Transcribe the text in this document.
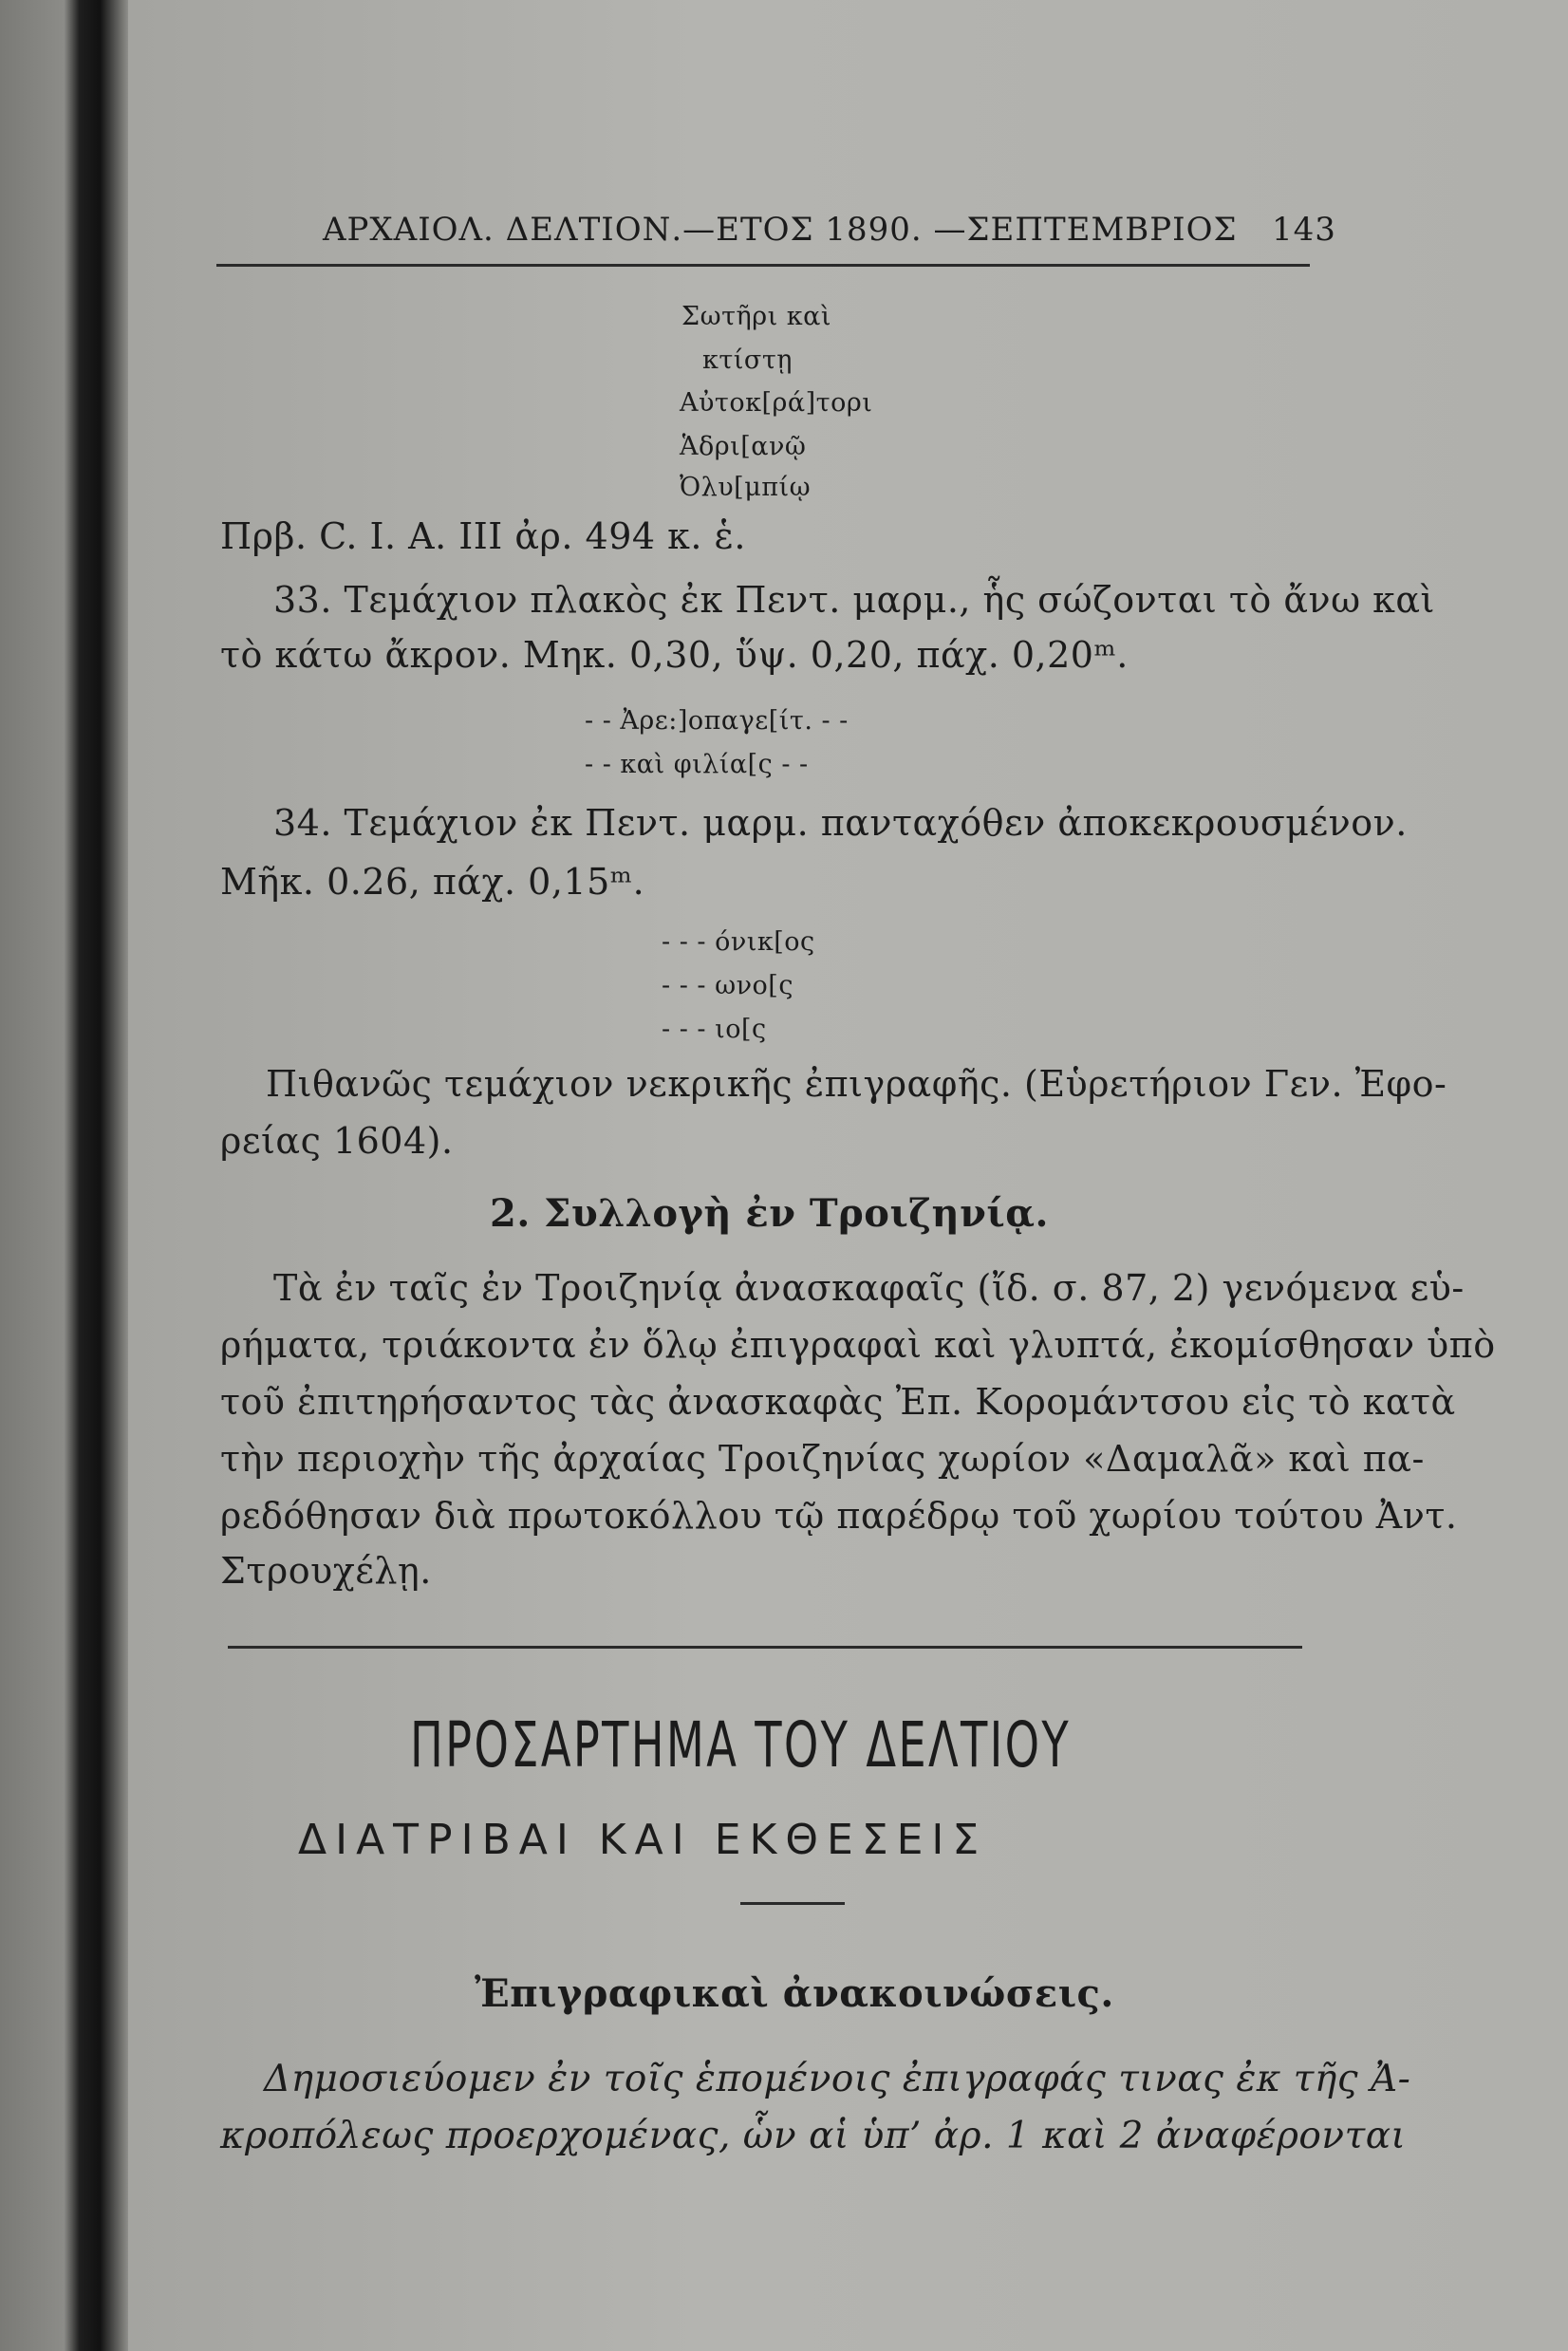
ΑΡΧΑΙΟΛ. ΔΕΛΤΙΟΝ.—ΕΤΟΣ 1890. —ΣΕΠΤΕΜΒΡΙΟΣ 143
Σωτῆρι καὶ
κτίστῃ
Αὐτοκ[ρά]τορι
Ἁδρι[ανῷ
Ὀλυ[μπίῳ
Πρβ. C. I. A. III ἀρ. 494 κ. ἑ.
33. Τεμάχιον πλακὸς ἐκ Πεντ. μαρμ., ἧς σώζονται τὸ ἄνω καὶ
τὸ κάτω ἄκρον. Μηκ. 0,30, ὕψ. 0,20, πάχ. 0,20ᵐ.
- - Ἀρε:]οπαγε[ίτ. - -
- - καὶ φιλία[ς - -
34. Τεμάχιον ἐκ Πεντ. μαρμ. πανταχόθεν ἀποκεκρουσμένον.
Μῆκ. 0.26, πάχ. 0,15ᵐ.
- - - όνικ[ος
- - - ωνο[ς
- - - ιο[ς
Πιθανῶς τεμάχιον νεκρικῆς ἐπιγραφῆς. (Εὑρετήριον Γεν. Ἐφο-
ρείας 1604).
2. Συλλογὴ ἐν Τροιζηνίᾳ.
Τὰ ἐν ταῖς ἐν Τροιζηνίᾳ ἀνασκαφαῖς (ἴδ. σ. 87, 2) γενόμενα εὑ-
ρήματα, τριάκοντα ἐν ὅλῳ ἐπιγραφαὶ καὶ γλυπτά, ἐκομίσθησαν ὑπὸ
τοῦ ἐπιτηρήσαντος τὰς ἀνασκαφὰς Ἐπ. Κορομάντσου εἰς τὸ κατὰ
τὴν περιοχὴν τῆς ἀρχαίας Τροιζηνίας χωρίον «Δαμαλᾶ» καὶ πα-
ρεδόθησαν διὰ πρωτοκόλλου τῷ παρέδρῳ τοῦ χωρίου τούτου Ἀντ.
Στρουχέλῃ.
ΠΡΟΣΑΡΤΗΜΑ ΤΟΥ ΔΕΛΤΙΟΥ
ΔΙΑΤΡΙΒΑΙ ΚΑΙ ΕΚΘΕΣΕΙΣ
Ἐπιγραφικαὶ ἀνακοινώσεις.
Δημοσιεύομεν ἐν τοῖς ἑπομένοις ἐπιγραφάς τινας ἐκ τῆς Ἀ-
κροπόλεως προερχομένας, ὧν αἱ ὑπ’ ἀρ. 1 καὶ 2 ἀναφέρονται
